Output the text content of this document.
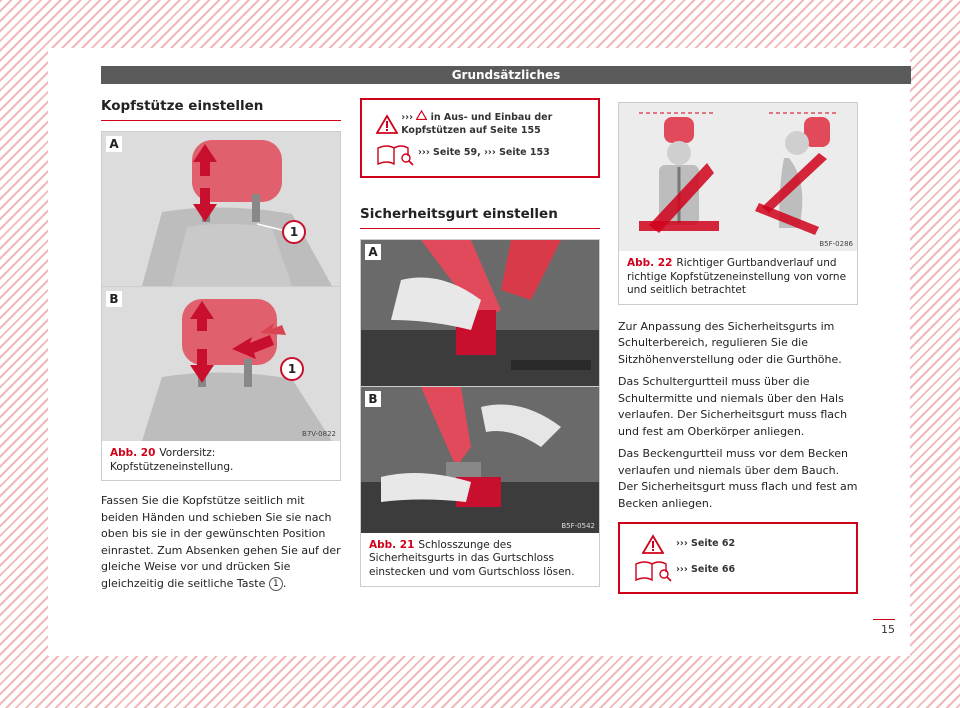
Grundsätzliches
Kopfstütze einstellen
A
1
B
1
B7V-0822
Abb. 20 Vordersitz: Kopfstützeneinstellung.

Fassen Sie die Kopfstütze seitlich mit beiden Händen und schieben Sie sie nach oben bis sie in der gewünschten Position einrastet. Zum Absenken gehen Sie auf der gleiche Weise vor und drücken Sie gleichzeitig die seitliche Taste 1 .

››› in Aus- und Einbau der Kopfstützen auf Seite 155
››› Seite 59, ››› Seite 153
Sicherheitsgurt einstellen
A
B
B5F-0542
Abb. 21 Schlosszunge des Sicherheitsgurts in das Gurtschloss einstecken und vom Gurtschloss lösen.
B5F-0286
Abb. 22 Richtiger Gurtbandverlauf und richtige Kopfstützeneinstellung von vorne und seitlich betrachtet

Zur Anpassung des Sicherheitsgurts im Schulterbereich, regulieren Sie die Sitzhöhenverstellung oder die Gurthöhe.

Das Schultergurtteil muss über die Schultermitte und niemals über den Hals verlaufen. Der Sicherheitsgurt muss flach und fest am Oberkörper anliegen.

Das Beckengurtteil muss vor dem Becken verlaufen und niemals über dem Bauch. Der Sicherheitsgurt muss flach und fest am Becken anliegen.

››› Seite 62
››› Seite 66
15
